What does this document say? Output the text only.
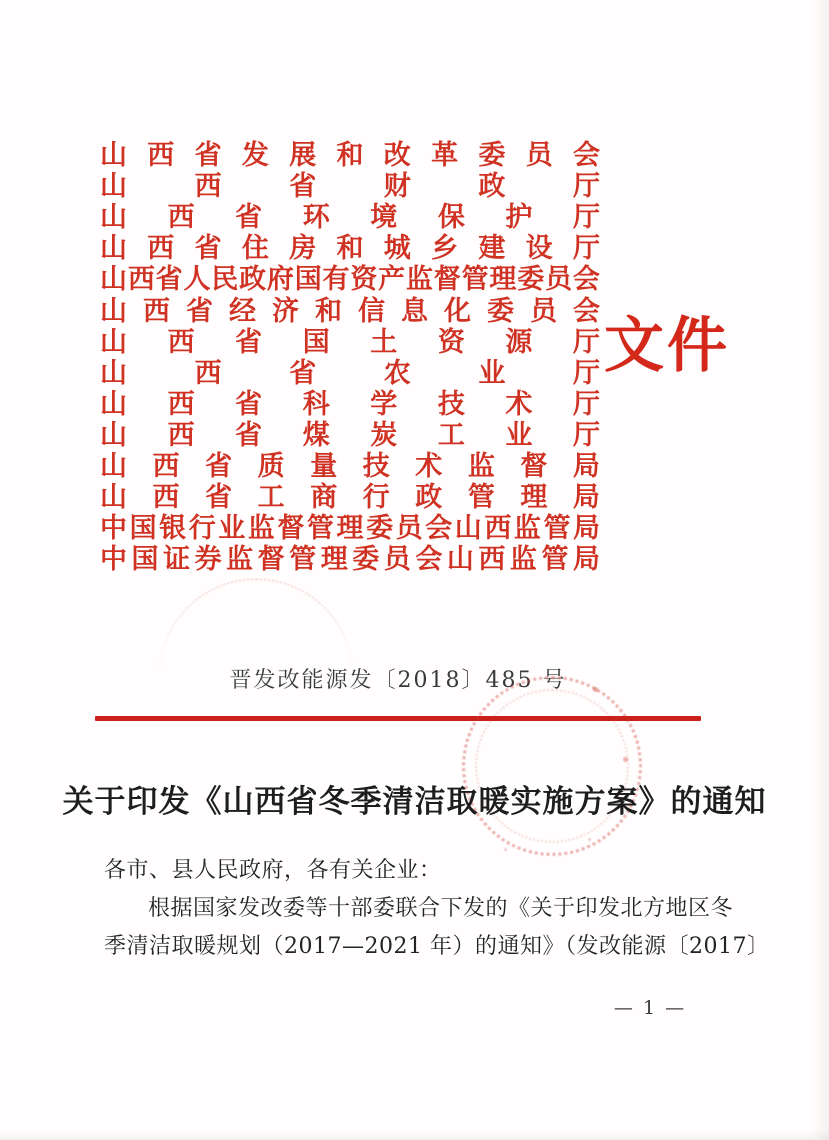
山 西 省 发 展 和 改 革 委 员 会
山	西	省	财	政	厅
山 西 省 环 境 保 护 厅
山 西 省 住 房 和 城 乡 建 设 厅
山 西 省 人 民 政 府 国 有 资 产 监 督 管 理 委 员 会
山 西 省 经 济 和 信 息 化 委 员 会
山 西 省 国 土 资 源 厅
山	西	省	农	业	厅
山 西 省 科 学 技 术 厅
山 西 省 煤 炭 工 业 厅
山 西 省 质 量 技 术 监 督 局
山 西 省 工 商 行 政 管 理 局
中 国 银 行 业 监 督 管 理 委 员 会 山 西 监 管 局
中 国 证 券 监 督 管 理 委 员 会 山 西 监 管 局
文件
晋发改能源发〔2018〕485 号
关于印发《山西省冬季清洁取暖实施方案》的通知
各市、县人民政府，各有关企业：
根据国家发改委等十部委联合下发的《关于印发北方地区冬
季清洁取暖规划（2017—2021 年）的通知》（发改能源〔2017〕
— 1 —
